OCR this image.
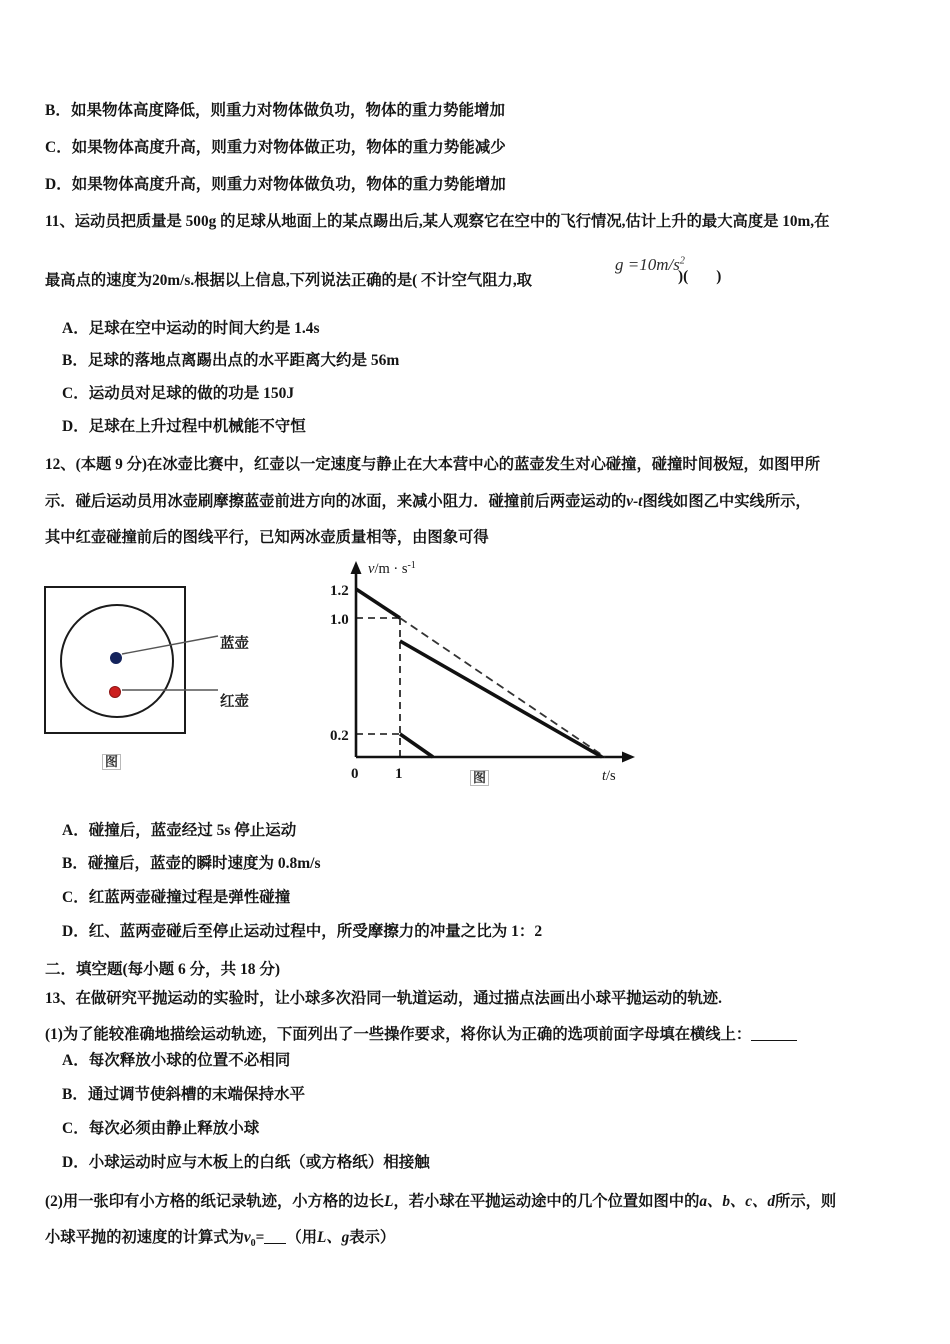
B．如果物体高度降低，则重力对物体做负功，物体的重力势能增加
C．如果物体高度升高，则重力对物体做正功，物体的重力势能减少
D．如果物体高度升高，则重力对物体做负功，物体的重力势能增加
11、运动员把质量是 500g 的足球从地面上的某点踢出后,某人观察它在空中的飞行情况,估计上升的最大高度是 10m,在
最高点的速度为20m/s.根据以上信息,下列说法正确的是( 不计空气阻力,取
$g =10m/s^2$
)( )
A．足球在空中运动的时间大约是 1.4s
B．足球的落地点离踢出点的水平距离大约是 56m
C．运动员对足球的做的功是 150J
D．足球在上升过程中机械能不守恒
12、(本题 9 分)在冰壶比赛中，红壶以一定速度与静止在大本营中心的蓝壶发生对心碰撞，碰撞时间极短，如图甲所
示．碰后运动员用冰壶刷摩擦蓝壶前进方向的冰面，来减小阻力．碰撞前后两壶运动的v-t图线如图乙中实线所示，
其中红壶碰撞前后的图线平行，已知两冰壶质量相等，由图象可得
蓝壶
红壶
图
1.2
1.0
0.2
0 1
$v/m \cdot s^{-1}$
t/s
图
A．碰撞后，蓝壶经过 5s 停止运动
B．碰撞后，蓝壶的瞬时速度为 0.8m/s
C．红蓝两壶碰撞过程是弹性碰撞
D．红、蓝两壶碰后至停止运动过程中，所受摩擦力的冲量之比为 1：2
二．填空题(每小题 6 分，共 18 分)
13、在做研究平抛运动的实验时，让小球多次沿同一轨道运动，通过描点法画出小球平抛运动的轨迹.
(1)为了能较准确地描绘运动轨迹，下面列出了一些操作要求，将你认为正确的选项前面字母填在横线上：
A．每次释放小球的位置不必相同
B．通过调节使斜槽的末端保持水平
C．每次必须由静止释放小球
D．小球运动时应与木板上的白纸（或方格纸）相接触
(2)用一张印有小方格的纸记录轨迹，小方格的边长L，若小球在平抛运动途中的几个位置如图中的a、b、c、d所示，则
小球平抛的初速度的计算式为$v_0=$ （用L、g表示）
